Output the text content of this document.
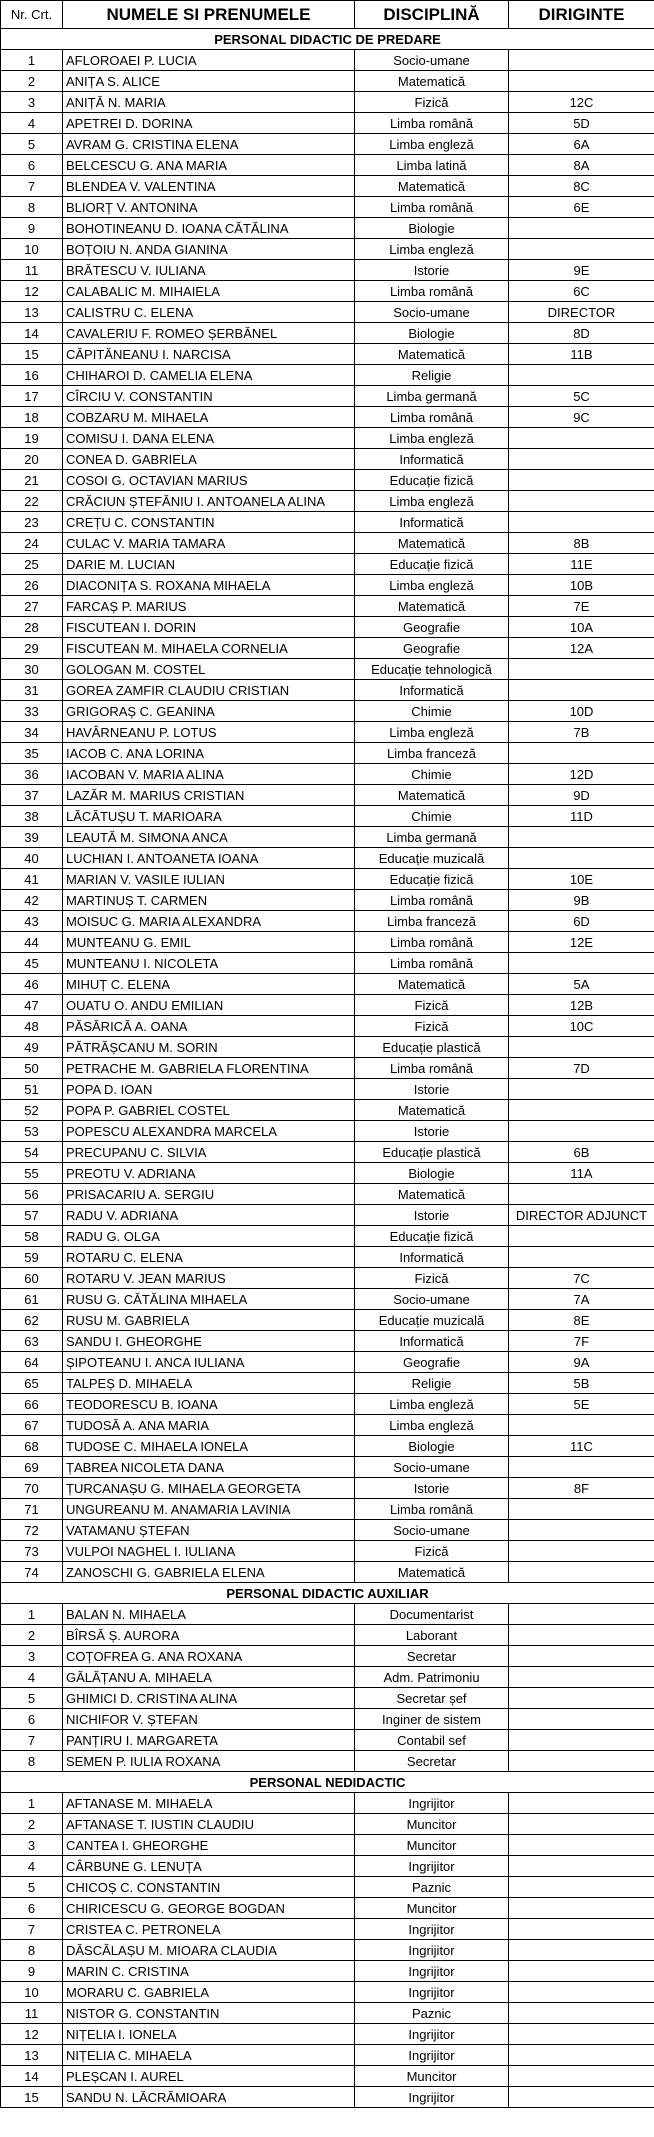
Nr. Crt.	NUMELE SI PRENUMELE	DISCIPLINĂ	DIRIGINTE
PERSONAL DIDACTIC DE PREDARE			
1	AFLOROAEI P. LUCIA	Socio-umane	
2	ANIȚA S. ALICE	Matematică	
3	ANIȚĂ N. MARIA	Fizică	12C
4	APETREI D. DORINA	Limba română	5D
5	AVRAM G. CRISTINA ELENA	Limba engleză	6A
6	BELCESCU G. ANA MARIA	Limba latină	8A
7	BLENDEA V. VALENTINA	Matematică	8C
8	BLIORȚ V. ANTONINA	Limba română	6E
9	BOHOTINEANU D. IOANA CĂTĂLINA	Biologie	
10	BOȚOIU N. ANDA GIANINA	Limba engleză	
11	BRĂTESCU V. IULIANA	Istorie	9E
12	CALABALIC M. MIHAIELA	Limba română	6C
13	CALISTRU C. ELENA	Socio-umane	DIRECTOR
14	CAVALERIU F. ROMEO ȘERBĂNEL	Biologie	8D
15	CĂPITĂNEANU I. NARCISA	Matematică	11B
16	CHIHAROI D. CAMELIA ELENA	Religie	
17	CÎRCIU V. CONSTANTIN	Limba germană	5C
18	COBZARU M. MIHAELA	Limba română	9C
19	COMISU I. DANA ELENA	Limba engleză	
20	CONEA D. GABRIELA	Informatică	
21	COSOI G. OCTAVIAN MARIUS	Educație fizică	
22	CRĂCIUN ȘTEFĂNIU I. ANTOANELA ALINA	Limba engleză	
23	CREȚU C. CONSTANTIN	Informatică	
24	CULAC V. MARIA TAMARA	Matematică	8B
25	DARIE M. LUCIAN	Educație fizică	11E
26	DIACONIȚA S. ROXANA MIHAELA	Limba engleză	10B
27	FARCAȘ P. MARIUS	Matematică	7E
28	FISCUTEAN I. DORIN	Geografie	10A
29	FISCUTEAN M. MIHAELA CORNELIA	Geografie	12A
30	GOLOGAN M. COSTEL	Educație tehnologică	
31	GOREA ZAMFIR CLAUDIU CRISTIAN	Informatică	
33	GRIGORAȘ C. GEANINA	Chimie	10D
34	HAVÂRNEANU P. LOTUS	Limba engleză	7B
35	IACOB C. ANA LORINA	Limba franceză	
36	IACOBAN V. MARIA ALINA	Chimie	12D
37	LAZĂR M. MARIUS CRISTIAN	Matematică	9D
38	LĂCĂTUȘU T. MARIOARA	Chimie	11D
39	LEAUTĂ M. SIMONA ANCA	Limba germană	
40	LUCHIAN I. ANTOANETA IOANA	Educație muzicală	
41	MARIAN V. VASILE IULIAN	Educație fizică	10E
42	MARTINUȘ T. CARMEN	Limba română	9B
43	MOISUC G. MARIA ALEXANDRA	Limba franceză	6D
44	MUNTEANU G. EMIL	Limba română	12E
45	MUNTEANU I. NICOLETA	Limba română	
46	MIHUȚ C. ELENA	Matematică	5A
47	OUATU O. ANDU EMILIAN	Fizică	12B
48	PĂSĂRICĂ A. OANA	Fizică	10C
49	PĂTRĂȘCANU M. SORIN	Educație plastică	
50	PETRACHE M. GABRIELA FLORENTINA	Limba română	7D
51	POPA D. IOAN	Istorie	
52	POPA P. GABRIEL COSTEL	Matematică	
53	POPESCU ALEXANDRA MARCELA	Istorie	
54	PRECUPANU C. SILVIA	Educație plastică	6B
55	PREOTU V. ADRIANA	Biologie	11A
56	PRISACARIU A. SERGIU	Matematică	
57	RADU V. ADRIANA	Istorie	DIRECTOR ADJUNCT
58	RADU G. OLGA	Educație fizică	
59	ROTARU C. ELENA	Informatică	
60	ROTARU V. JEAN MARIUS	Fizică	7C
61	RUSU G. CĂTĂLINA MIHAELA	Socio-umane	7A
62	RUSU M. GABRIELA	Educație muzicală	8E
63	SANDU I. GHEORGHE	Informatică	7F
64	ȘIPOTEANU I. ANCA IULIANA	Geografie	9A
65	TALPEȘ D. MIHAELA	Religie	5B
66	TEODORESCU B. IOANA	Limba engleză	5E
67	TUDOSĂ A. ANA MARIA	Limba engleză	
68	TUDOSE C. MIHAELA IONELA	Biologie	11C
69	ȚABREA NICOLETA DANA	Socio-umane	
70	ȚURCANAȘU G. MIHAELA GEORGETA	Istorie	8F
71	UNGUREANU M. ANAMARIA LAVINIA	Limba română	
72	VATAMANU ȘTEFAN	Socio-umane	
73	VULPOI NAGHEL I. IULIANA	Fizică	
74	ZANOSCHI G. GABRIELA ELENA	Matematică	
PERSONAL DIDACTIC AUXILIAR			
1	BALAN N. MIHAELA	Documentarist	
2	BÎRSĂ Ș. AURORA	Laborant	
3	COȚOFREA G. ANA ROXANA	Secretar	
4	GĂLĂȚANU A. MIHAELA	Adm. Patrimoniu	
5	GHIMICI D. CRISTINA ALINA	Secretar șef	
6	NICHIFOR V. ȘTEFAN	Inginer de sistem	
7	PANȚIRU I. MARGARETA	Contabil sef	
8	SEMEN P. IULIA ROXANA	Secretar	
PERSONAL NEDIDACTIC			
1	AFTANASE M. MIHAELA	Ingrijitor	
2	AFTANASE T. IUSTIN CLAUDIU	Muncitor	
3	CANTEA I. GHEORGHE	Muncitor	
4	CÂRBUNE G. LENUȚA	Ingrijitor	
5	CHICOȘ C. CONSTANTIN	Paznic	
6	CHIRICESCU G. GEORGE BOGDAN	Muncitor	
7	CRISTEA C. PETRONELA	Ingrijitor	
8	DĂSCĂLAȘU M. MIOARA CLAUDIA	Ingrijitor	
9	MARIN C. CRISTINA	Ingrijitor	
10	MORARU C. GABRIELA	Ingrijitor	
11	NISTOR G. CONSTANTIN	Paznic	
12	NIȚELIA I. IONELA	Ingrijitor	
13	NIȚELIA C. MIHAELA	Ingrijitor	
14	PLEȘCAN I. AUREL	Muncitor	
15	SANDU N. LĂCRĂMIOARA	Ingrijitor	
